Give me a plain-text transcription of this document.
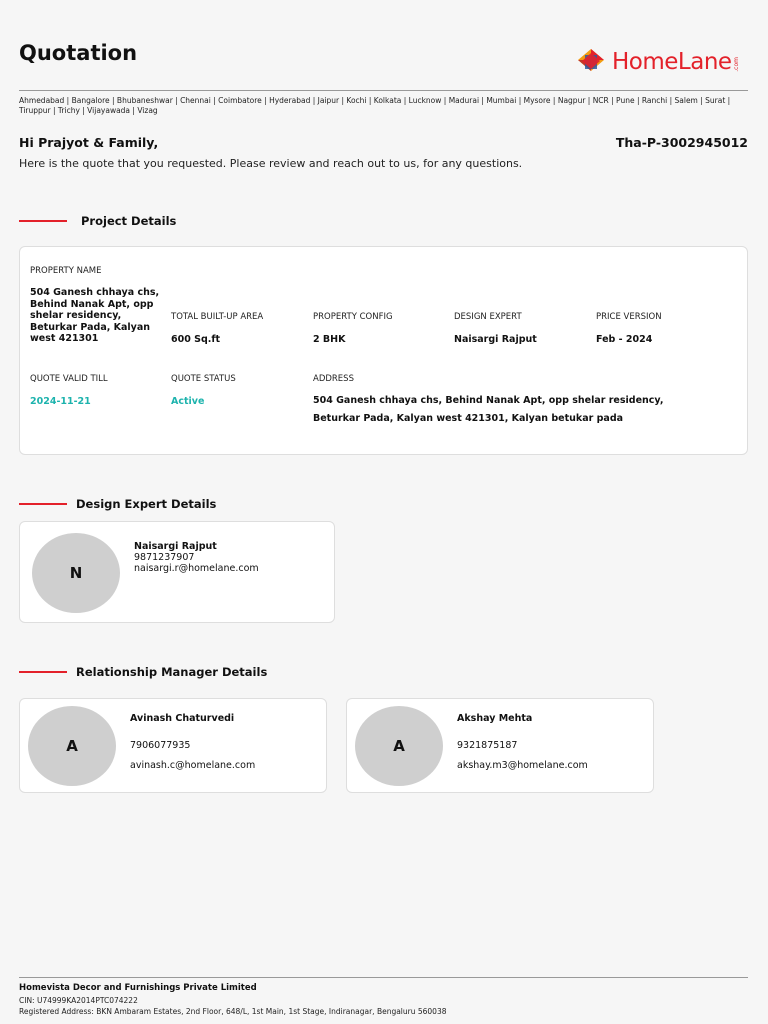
Quotation	HomeLane .com
Ahmedabad | Bangalore | Bhubaneshwar | Chennai | Coimbatore | Hyderabad | Jaipur | Kochi | Kolkata | Lucknow | Madurai | Mumbai | Mysore | Nagpur | NCR | Pune | Ranchi | Salem | Surat | Tiruppur | Trichy | Vijayawada | Vizag
Hi Prajyot & Family,	Tha-P-3002945012
Here is the quote that you requested. Please review and reach out to us, for any questions.
Project Details
PROPERTY NAME
504 Ganesh chhaya chs, Behind Nanak Apt, opp shelar residency, Beturkar Pada, Kalyan west 421301
TOTAL BUILT-UP AREA
600 Sq.ft
PROPERTY CONFIG
2 BHK
DESIGN EXPERT
Naisargi Rajput
PRICE VERSION
Feb - 2024
QUOTE VALID TILL
2024-11-21
QUOTE STATUS
Active
ADDRESS
504 Ganesh chhaya chs, Behind Nanak Apt, opp shelar residency, Beturkar Pada, Kalyan west 421301, Kalyan betukar pada
Design Expert Details
N
Naisargi Rajput
9871237907
naisargi.r@homelane.com
Relationship Manager Details
A
Avinash Chaturvedi
7906077935
avinash.c@homelane.com
A
Akshay Mehta
9321875187
akshay.m3@homelane.com
Homevista Decor and Furnishings Private Limited
CIN: U74999KA2014PTC074222
Registered Address: BKN Ambaram Estates, 2nd Floor, 648/L, 1st Main, 1st Stage, Indiranagar, Bengaluru 560038
